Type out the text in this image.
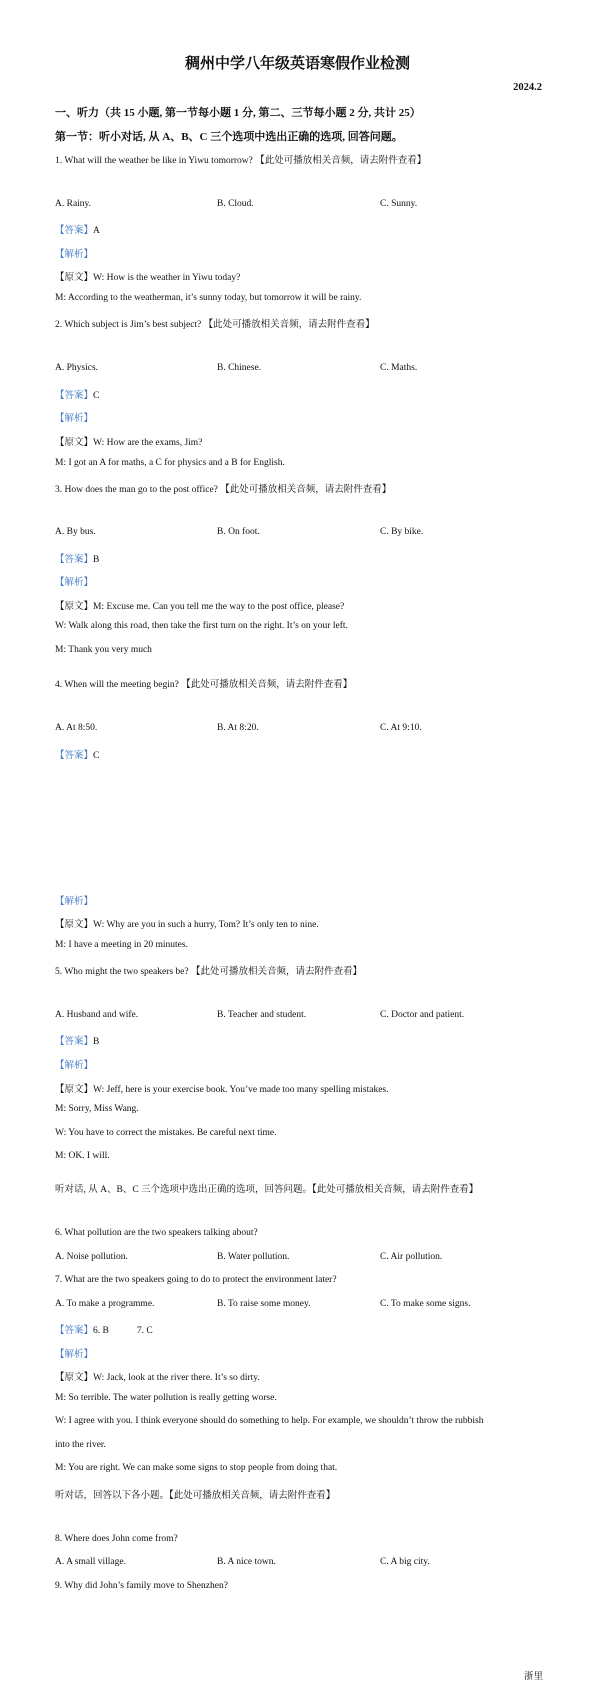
稠州中学八年级英语寒假作业检测
2024.2
一、听力（共 15 小题, 第一节每小题 1 分, 第二、三节每小题 2 分, 共计 25）
第一节：听小对话, 从 A、B、C 三个选项中选出正确的选项, 回答问题。
1. What will the weather be like in Yiwu tomorrow? 【此处可播放相关音频，请去附件查看】
A. Rainy.	B. Cloud.	C. Sunny.
【答案】A
【解析】
【原文】W: How is the weather in Yiwu today?
M: According to the weatherman, it’s sunny today, but tomorrow it will be rainy.
2. Which subject is Jim’s best subject? 【此处可播放相关音频，请去附件查看】
A. Physics.	B. Chinese.	C. Maths.
【答案】C
【解析】
【原文】W: How are the exams, Jim?
M: I got an A for maths, a C for physics and a B for English.
3. How does the man go to the post office? 【此处可播放相关音频，请去附件查看】
A. By bus.	B. On foot.	C. By bike.
【答案】B
【解析】
【原文】M: Excuse me. Can you tell me the way to the post office, please?
W: Walk along this road, then take the first turn on the right. It’s on your left.
M: Thank you very much
4. When will the meeting begin? 【此处可播放相关音频，请去附件查看】
A. At 8:50.	B. At 8:20.	C. At 9:10.
【答案】C
【解析】
【原文】W: Why are you in such a hurry, Tom? It’s only ten to nine.
M: I have a meeting in 20 minutes.
5. Who might the two speakers be? 【此处可播放相关音频，请去附件查看】
A. Husband and wife.	B. Teacher and student.	C. Doctor and patient.
【答案】B
【解析】
【原文】W: Jeff, here is your exercise book. You’ve made too many spelling mistakes.
M: Sorry, Miss Wang.
W: You have to correct the mistakes. Be careful next time.
M: OK. I will.
听对话, 从 A、B、C 三个选项中选出正确的选项，回答问题。【此处可播放相关音频，请去附件查看】
6. What pollution are the two speakers talking about?
A. Noise pollution.	B. Water pollution.	C. Air pollution.
7. What are the two speakers going to do to protect the environment later?
A. To make a programme.	B. To raise some money.	C. To make some signs.
【答案】6. B	7. C
【解析】
【原文】W: Jack, look at the river there. It’s so dirty.
M: So terrible. The water pollution is really getting worse.
W: I agree with you. I think everyone should do something to help. For example, we shouldn’t throw the rubbish
into the river.
M: You are right. We can make some signs to stop people from doing that.
听对话，回答以下各小题。【此处可播放相关音频，请去附件查看】
8. Where does John come from?
A. A small village.	B. A nice town.	C. A big city.
9. Why did John’s family move to Shenzhen?
浙里
